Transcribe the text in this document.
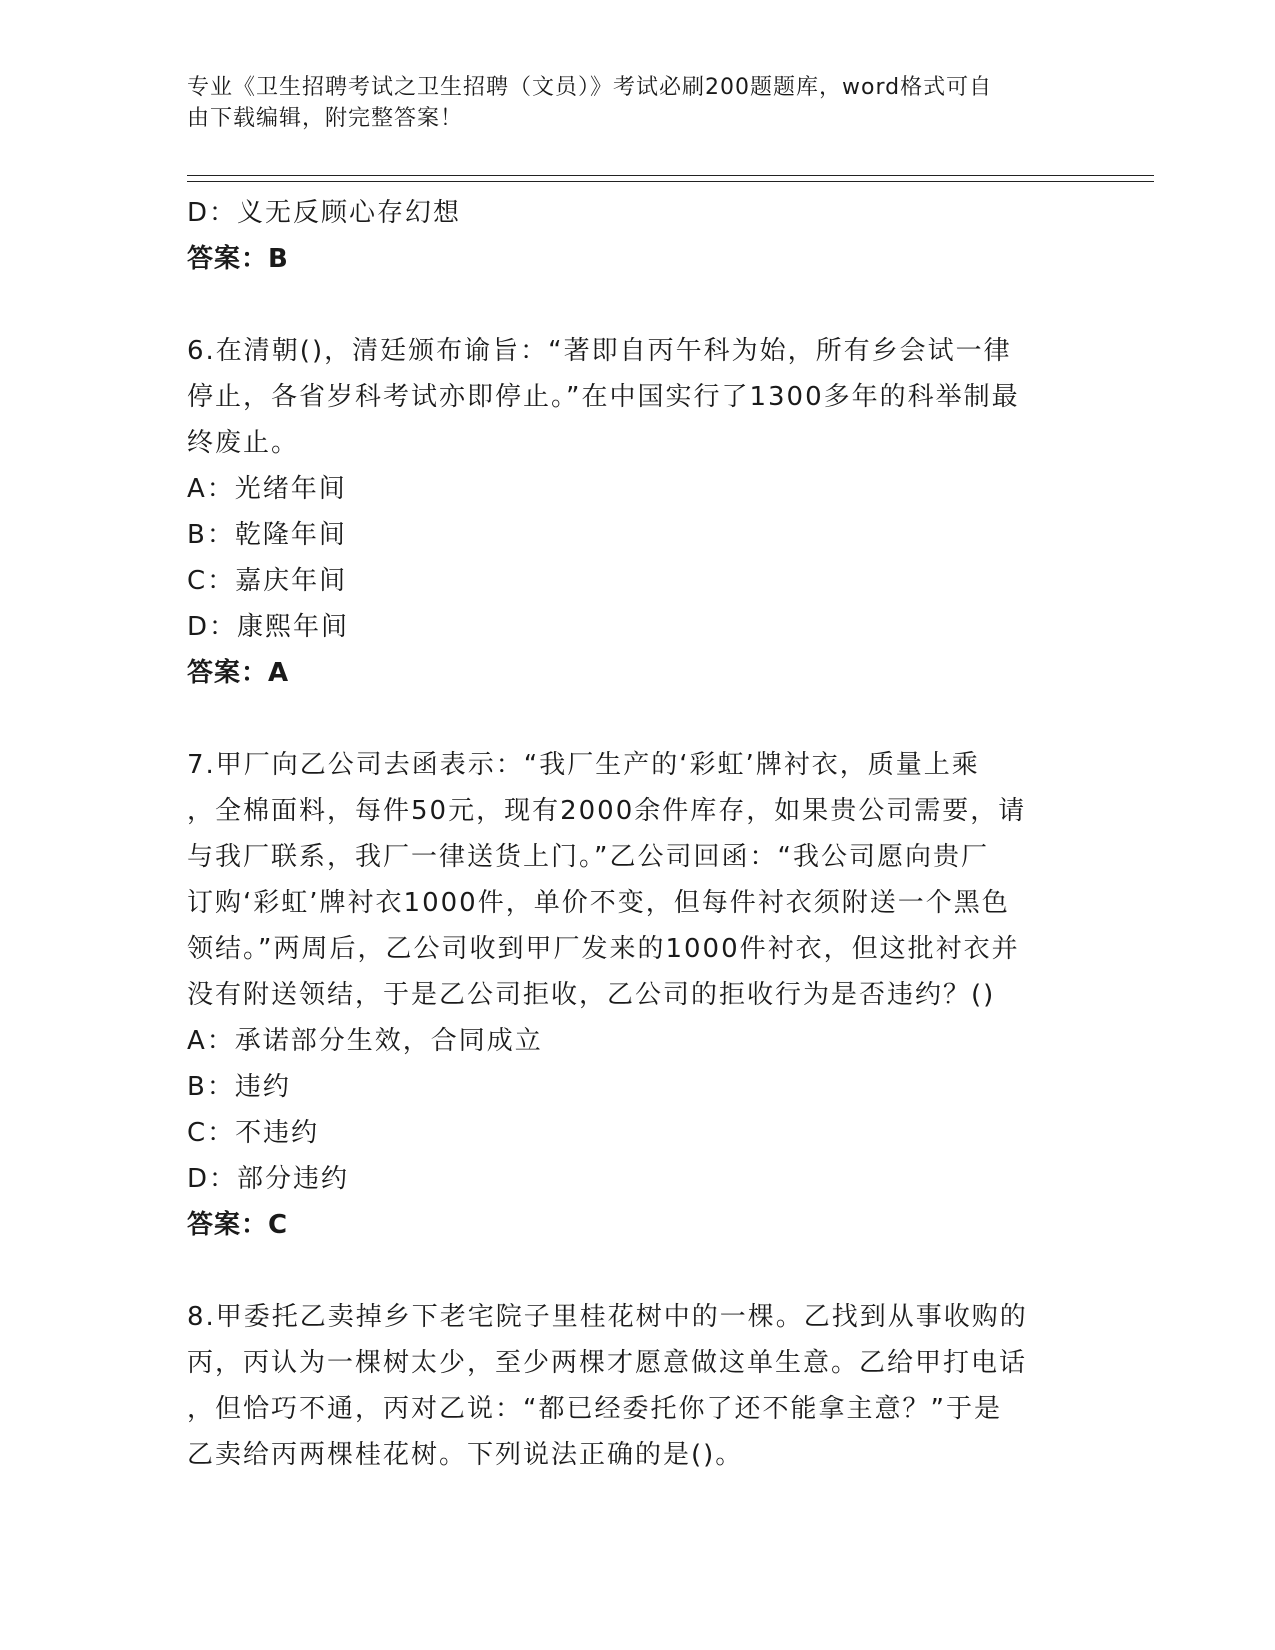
专业《卫生招聘考试之卫生招聘（文员）》考试必刷200题题库，word格式可自
由下载编辑，附完整答案！

D：义无反顾心存幻想

答案：B

6.在清朝()，清廷颁布谕旨：“著即自丙午科为始，所有乡会试一律

停止，各省岁科考试亦即停止。”在中国实行了1300多年的科举制最

终废止。

A：光绪年间

B：乾隆年间

C：嘉庆年间

D：康熙年间

答案：A

7.甲厂向乙公司去函表示：“我厂生产的‘彩虹’牌衬衣，质量上乘

，全棉面料，每件50元，现有2000余件库存，如果贵公司需要，请

与我厂联系，我厂一律送货上门。”乙公司回函：“我公司愿向贵厂

订购‘彩虹’牌衬衣1000件，单价不变，但每件衬衣须附送一个黑色

领结。”两周后，乙公司收到甲厂发来的1000件衬衣，但这批衬衣并

没有附送领结，于是乙公司拒收，乙公司的拒收行为是否违约？()

A：承诺部分生效，合同成立

B：违约

C：不违约

D：部分违约

答案：C

8.甲委托乙卖掉乡下老宅院子里桂花树中的一棵。乙找到从事收购的

丙，丙认为一棵树太少，至少两棵才愿意做这单生意。乙给甲打电话

，但恰巧不通，丙对乙说：“都已经委托你了还不能拿主意？”于是

乙卖给丙两棵桂花树。下列说法正确的是()。
